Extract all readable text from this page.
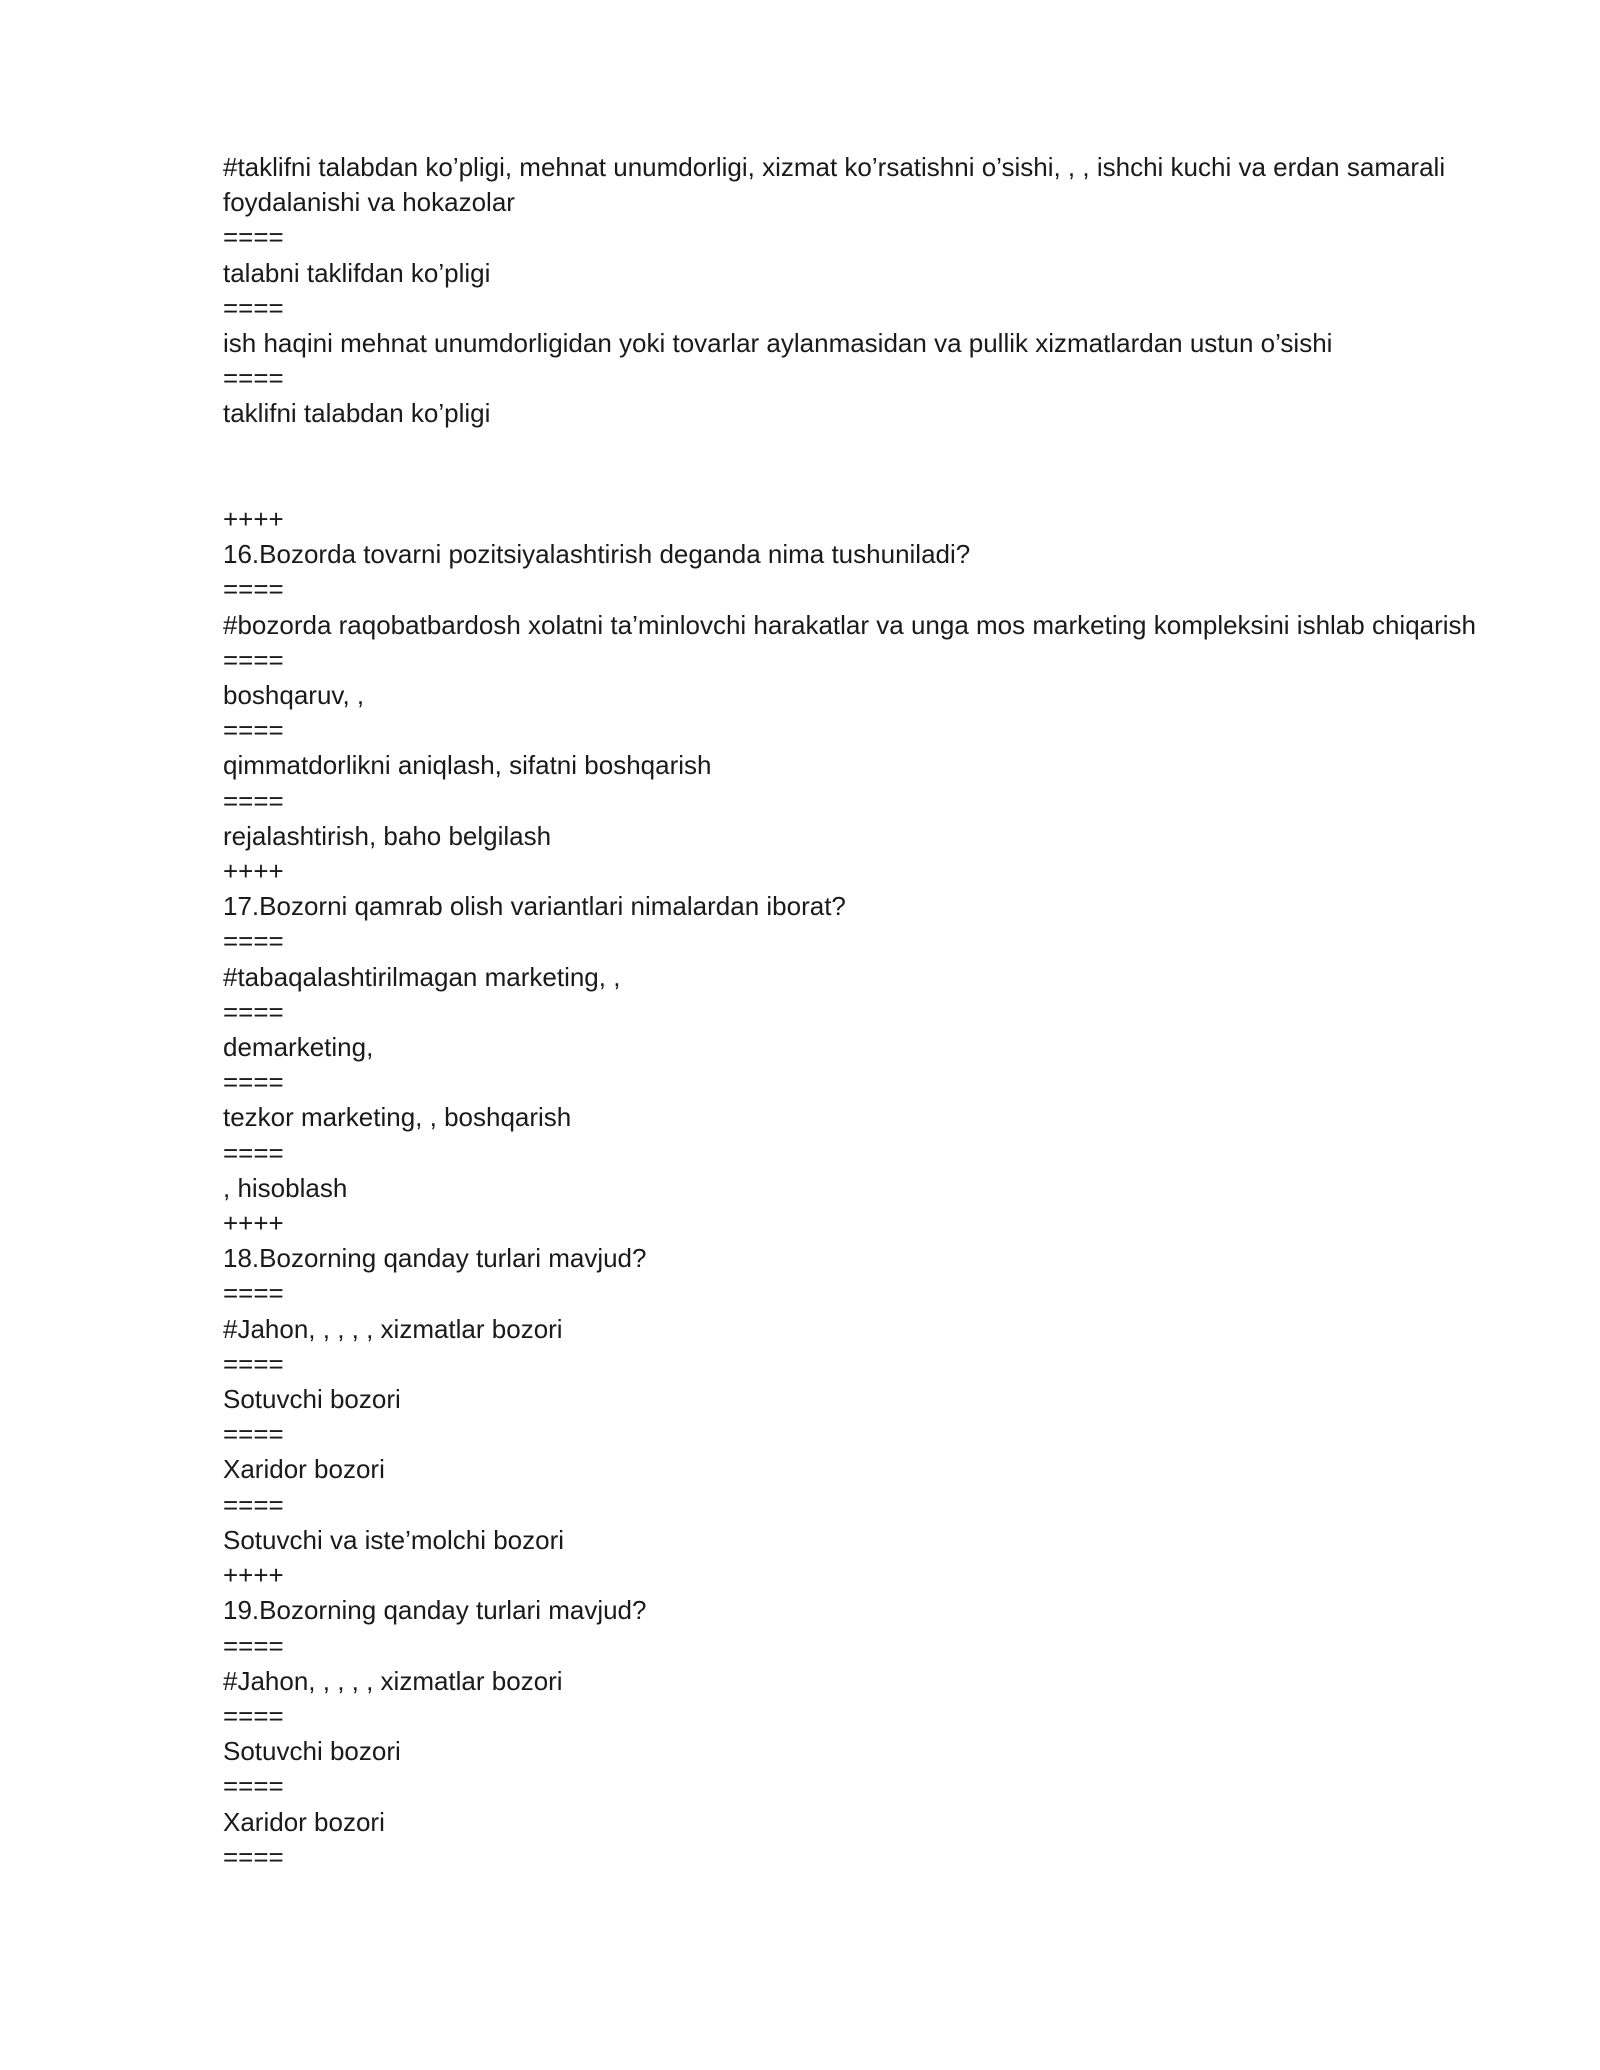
#taklifni talabdan ko’pligi, mehnat unumdorligi, xizmat ko’rsatishni o’sishi, , , ishchi kuchi va erdan samarali foydalanishi va hokazolar

====

talabni taklifdan ko’pligi

====

ish haqini mehnat unumdorligidan yoki tovarlar aylanmasidan va pullik xizmatlardan ustun o’sishi

====

taklifni talabdan ko’pligi

++++

16.Bozorda tovarni pozitsiyalashtirish deganda nima tushuniladi?

====

#bozorda raqobatbardosh xolatni ta’minlovchi harakatlar va unga mos marketing kompleksini ishlab chiqarish

====

boshqaruv, ,

====

qimmatdorlikni aniqlash, sifatni boshqarish

====

rejalashtirish, baho belgilash

++++

17.Bozorni qamrab olish variantlari nimalardan iborat?

====

#tabaqalashtirilmagan marketing, ,

====

demarketing,

====

tezkor marketing, , boshqarish

====

, hisoblash

++++

18.Bozorning qanday turlari mavjud?

====

#Jahon, , , , , xizmatlar bozori

====

Sotuvchi bozori

====

Xaridor bozori

====

Sotuvchi va iste’molchi bozori

++++

19.Bozorning qanday turlari mavjud?

====

#Jahon, , , , , xizmatlar bozori

====

Sotuvchi bozori

====

Xaridor bozori

====
